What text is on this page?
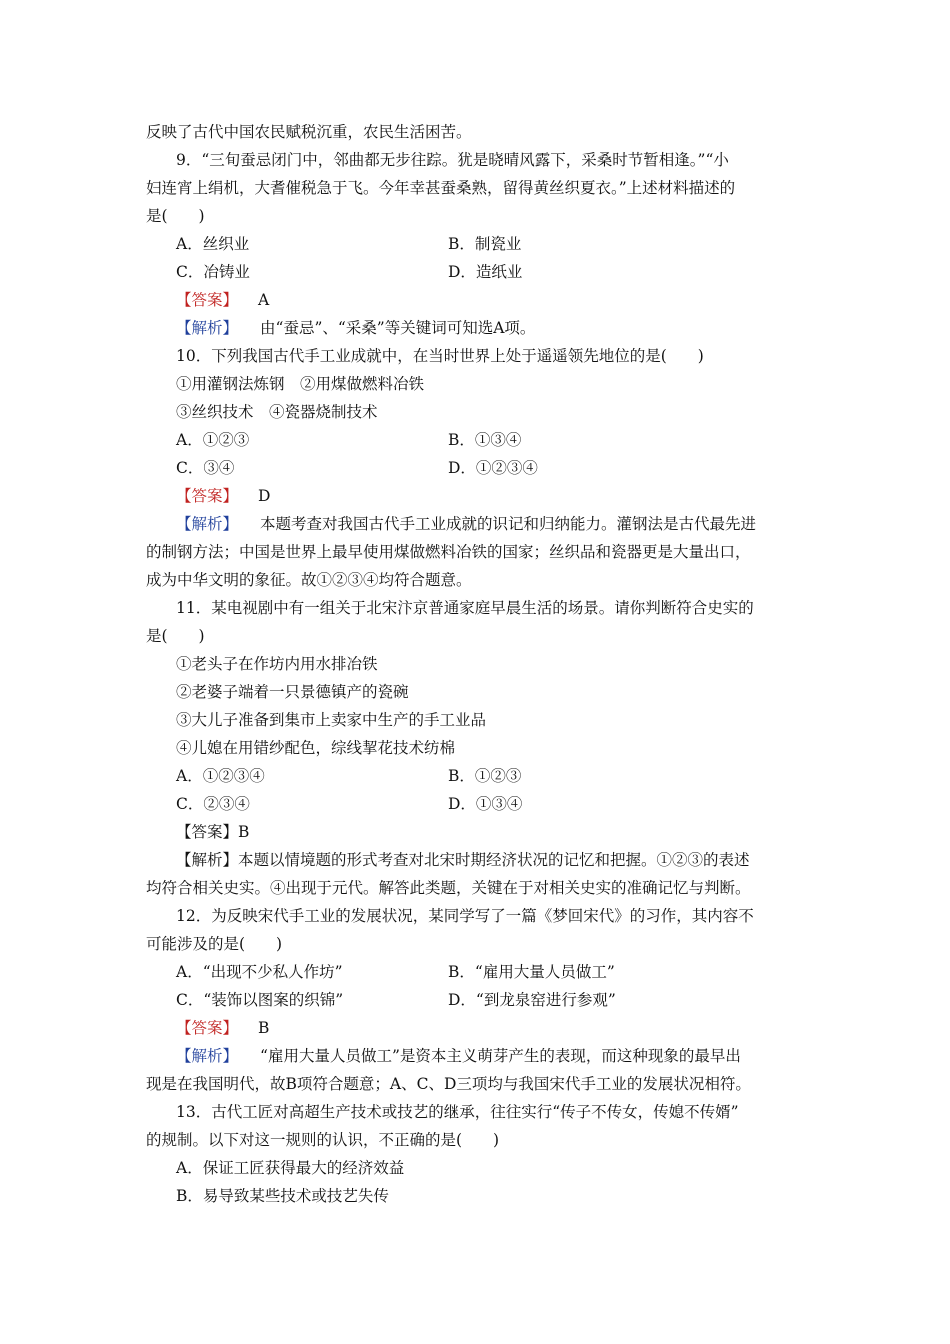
反映了古代中国农民赋税沉重，农民生活困苦。
9．“三旬蚕忌闭门中，邻曲都无步往踪。犹是晓晴风露下，采桑时节暂相逢。”“小
妇连宵上绢机，大耆催税急于飞。今年幸甚蚕桑熟，留得黄丝织夏衣。”上述材料描述的
是(　　)
A．丝织业	B．制瓷业
C．冶铸业	D．造纸业
【答案】 A
【解析】 由“蚕忌”、“采桑”等关键词可知选A项。
10．下列我国古代手工业成就中，在当时世界上处于遥遥领先地位的是(　　)
①用灌钢法炼钢　②用煤做燃料冶铁
③丝织技术　④瓷器烧制技术
A．①②③	B．①③④
C．③④	D．①②③④
【答案】 D
【解析】 本题考查对我国古代手工业成就的识记和归纳能力。灌钢法是古代最先进
的制钢方法；中国是世界上最早使用煤做燃料冶铁的国家；丝织品和瓷器更是大量出口，
成为中华文明的象征。故①②③④均符合题意。
11．某电视剧中有一组关于北宋汴京普通家庭早晨生活的场景。请你判断符合史实的
是(　　)
①老头子在作坊内用水排冶铁
②老婆子端着一只景德镇产的瓷碗
③大儿子准备到集市上卖家中生产的手工业品
④儿媳在用错纱配色，综线挈花技术纺棉
A．①②③④	B．①②③
C．②③④	D．①③④
【答案】B
【解析】本题以情境题的形式考查对北宋时期经济状况的记忆和把握。①②③的表述
均符合相关史实。④出现于元代。解答此类题，关键在于对相关史实的准确记忆与判断。
12．为反映宋代手工业的发展状况，某同学写了一篇《梦回宋代》的习作，其内容不
可能涉及的是(　　)
A．“出现不少私人作坊”	B．“雇用大量人员做工”
C．“装饰以图案的织锦”	D．“到龙泉窑进行参观”
【答案】 B
【解析】 “雇用大量人员做工”是资本主义萌芽产生的表现，而这种现象的最早出
现是在我国明代，故B项符合题意；A、C、D三项均与我国宋代手工业的发展状况相符。
13．古代工匠对高超生产技术或技艺的继承，往往实行“传子不传女，传媳不传婿”
的规制。以下对这一规则的认识，不正确的是(　　)
A．保证工匠获得最大的经济效益
B．易导致某些技术或技艺失传
